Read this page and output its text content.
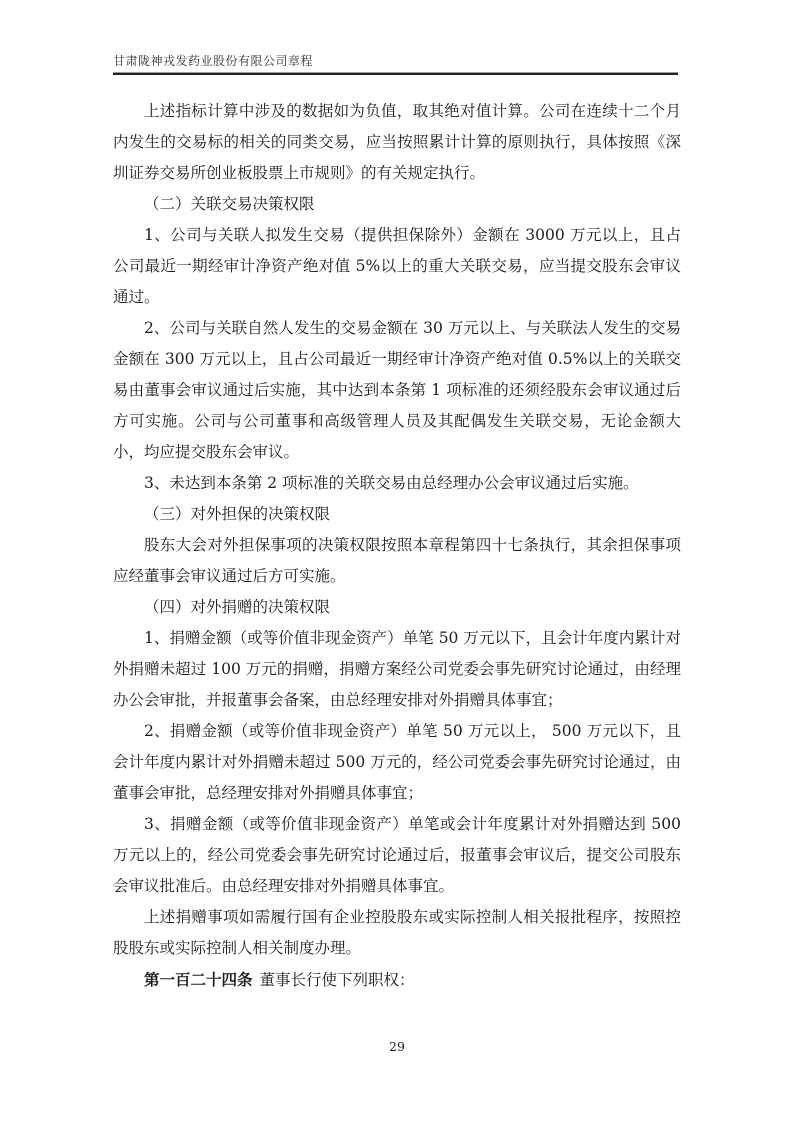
甘肃陇神戎发药业股份有限公司章程

上述指标计算中涉及的数据如为负值，取其绝对值计算。公司在连续十二个月内发生的交易标的相关的同类交易，应当按照累计计算的原则执行，具体按照《深圳证券交易所创业板股票上市规则》的有关规定执行。

（二）关联交易决策权限

1、公司与关联人拟发生交易（提供担保除外）金额在 3000 万元以上，且占公司最近一期经审计净资产绝对值 5%以上的重大关联交易，应当提交股东会审议通过。

2、公司与关联自然人发生的交易金额在 30 万元以上、与关联法人发生的交易金额在 300 万元以上，且占公司最近一期经审计净资产绝对值 0.5%以上的关联交易由董事会审议通过后实施，其中达到本条第 1 项标准的还须经股东会审议通过后方可实施。公司与公司董事和高级管理人员及其配偶发生关联交易，无论金额大小，均应提交股东会审议。

3、未达到本条第 2 项标准的关联交易由总经理办公会审议通过后实施。

（三）对外担保的决策权限

股东大会对外担保事项的决策权限按照本章程第四十七条执行，其余担保事项应经董事会审议通过后方可实施。

（四）对外捐赠的决策权限

1、捐赠金额（或等价值非现金资产）单笔 50 万元以下，且会计年度内累计对外捐赠未超过 100 万元的捐赠，捐赠方案经公司党委会事先研究讨论通过，由经理办公会审批，并报董事会备案，由总经理安排对外捐赠具体事宜；

2、捐赠金额（或等价值非现金资产）单笔 50 万元以上， 500 万元以下，且会计年度内累计对外捐赠未超过 500 万元的，经公司党委会事先研究讨论通过，由董事会审批，总经理安排对外捐赠具体事宜；

3、捐赠金额（或等价值非现金资产）单笔或会计年度累计对外捐赠达到 500 万元以上的，经公司党委会事先研究讨论通过后，报董事会审议后，提交公司股东会审议批准后。由总经理安排对外捐赠具体事宜。

上述捐赠事项如需履行国有企业控股股东或实际控制人相关报批程序，按照控股股东或实际控制人相关制度办理。

第一百二十四条 董事长行使下列职权：

29
